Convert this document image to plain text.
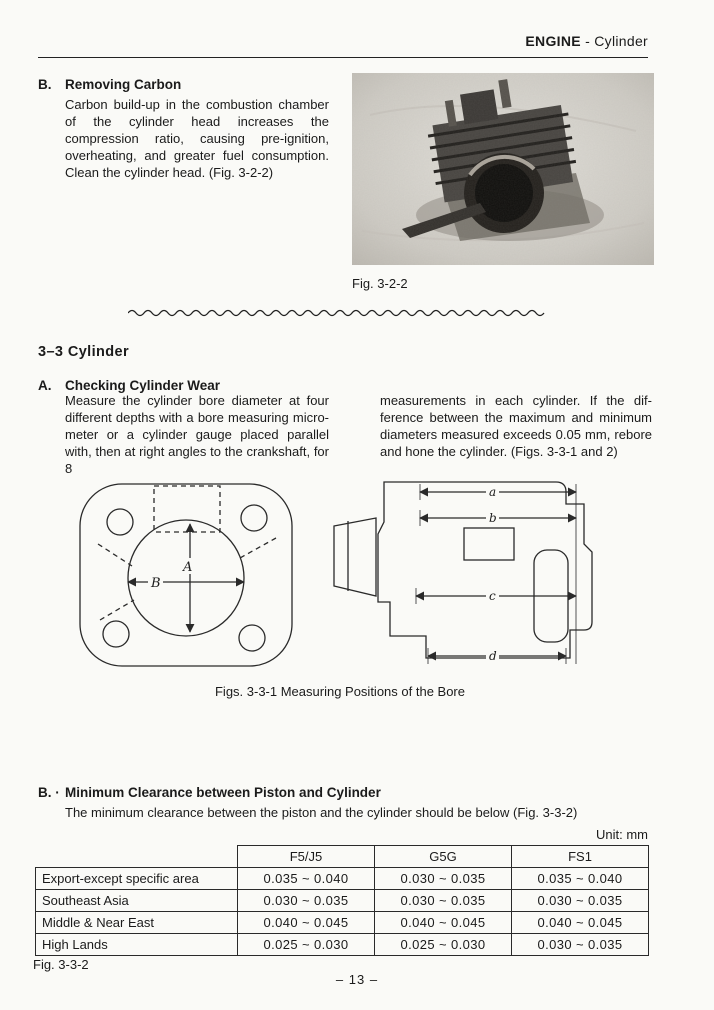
ENGINE - Cylinder
B. Removing Carbon
Carbon build-up in the combustion chamber of the cylinder head increases the compression ratio, causing pre-ignition, overheating, and greater fuel consumption. Clean the cylinder head. (Fig. 3-2-2)
Fig. 3-2-2
3–3 Cylinder
A. Checking Cylinder Wear
Measure the cylinder bore diameter at four different depths with a bore measuring micro-meter or a cylinder gauge placed parallel with, then at right angles to the crankshaft, for 8
measurements in each cylinder. If the dif-ference between the maximum and minimum diameters measured exceeds 0.05 mm, rebore and hone the cylinder. (Figs. 3-3-1 and 2)
A
B
a
b
c
d
Figs. 3-3-1 Measuring Positions of the Bore
B. · Minimum Clearance between Piston and Cylinder
The minimum clearance between the piston and the cylinder should be below (Fig. 3-3-2)
Unit: mm
	F5/J5	G5G	FS1
Export-except specific area	0.035 ~ 0.040	0.030 ~ 0.035	0.035 ~ 0.040
Southeast Asia	0.030 ~ 0.035	0.030 ~ 0.035	0.030 ~ 0.035
Middle & Near East	0.040 ~ 0.045	0.040 ~ 0.045	0.040 ~ 0.045
High Lands	0.025 ~ 0.030	0.025 ~ 0.030	0.030 ~ 0.035
Fig. 3-3-2
– 13 –
